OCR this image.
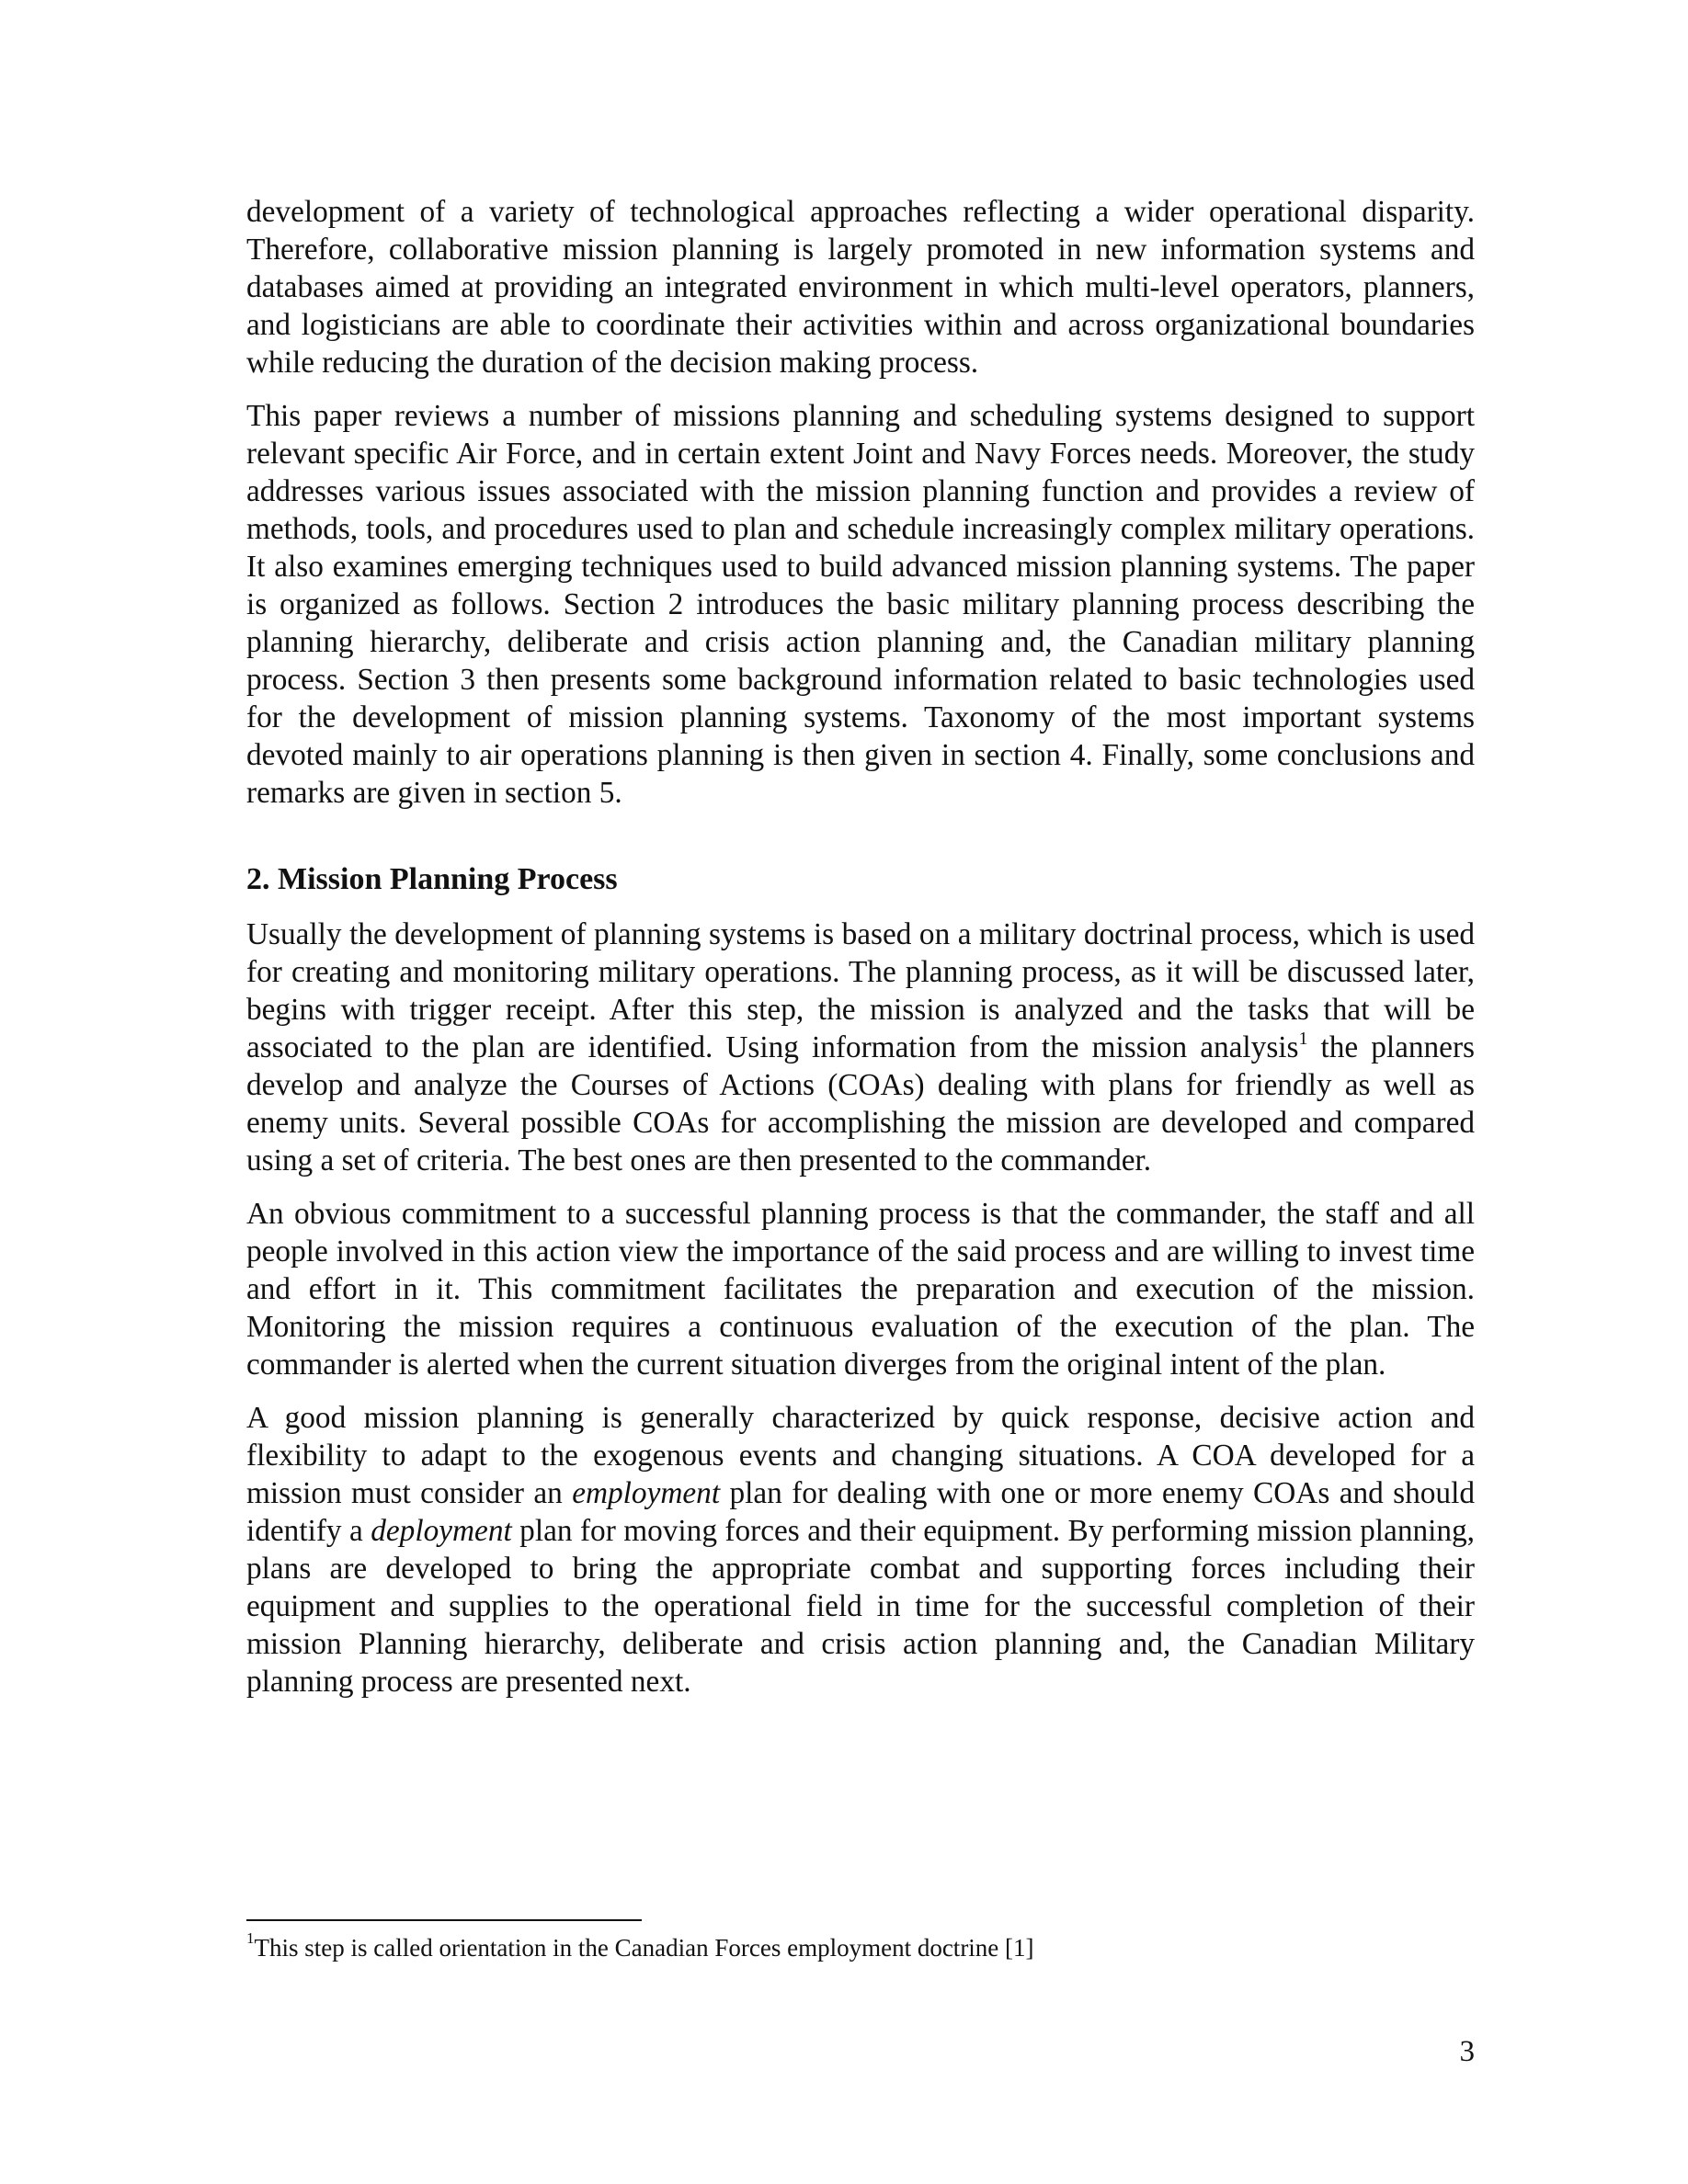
development of a variety of technological approaches reflecting a wider operational disparity. Therefore, collaborative mission planning is largely promoted in new information systems and databases aimed at providing an integrated environment in which multi-level operators, planners, and logisticians are able to coordinate their activities within and across organizational boundaries while reducing the duration of the decision making process.

This paper reviews a number of missions planning and scheduling systems designed to support relevant specific Air Force, and in certain extent Joint and Navy Forces needs. Moreover, the study addresses various issues associated with the mission planning function and provides a review of methods, tools, and procedures used to plan and schedule increasingly complex military operations. It also examines emerging techniques used to build advanced mission planning systems. The paper is organized as follows. Section 2 introduces the basic military planning process describing the planning hierarchy, deliberate and crisis action planning and, the Canadian military planning process. Section 3 then presents some background information related to basic technologies used for the development of mission planning systems. Taxonomy of the most important systems devoted mainly to air operations planning is then given in section 4. Finally, some conclusions and remarks are given in section 5.

2. Mission Planning Process

Usually the development of planning systems is based on a military doctrinal process, which is used for creating and monitoring military operations. The planning process, as it will be discussed later, begins with trigger receipt. After this step, the mission is analyzed and the tasks that will be associated to the plan are identified. Using information from the mission analysis$^1$ the planners develop and analyze the Courses of Actions (COAs) dealing with plans for friendly as well as enemy units. Several possible COAs for accomplishing the mission are developed and compared using a set of criteria. The best ones are then presented to the commander.

An obvious commitment to a successful planning process is that the commander, the staff and all people involved in this action view the importance of the said process and are willing to invest time and effort in it. This commitment facilitates the preparation and execution of the mission. Monitoring the mission requires a continuous evaluation of the execution of the plan. The commander is alerted when the current situation diverges from the original intent of the plan.

A good mission planning is generally characterized by quick response, decisive action and flexibility to adapt to the exogenous events and changing situations. A COA developed for a mission must consider an employment plan for dealing with one or more enemy COAs and should identify a deployment plan for moving forces and their equipment. By performing mission planning, plans are developed to bring the appropriate combat and supporting forces including their equipment and supplies to the operational field in time for the successful completion of their mission Planning hierarchy, deliberate and crisis action planning and, the Canadian Military planning process are presented next.

$^1$This step is called orientation in the Canadian Forces employment doctrine [1]
3
